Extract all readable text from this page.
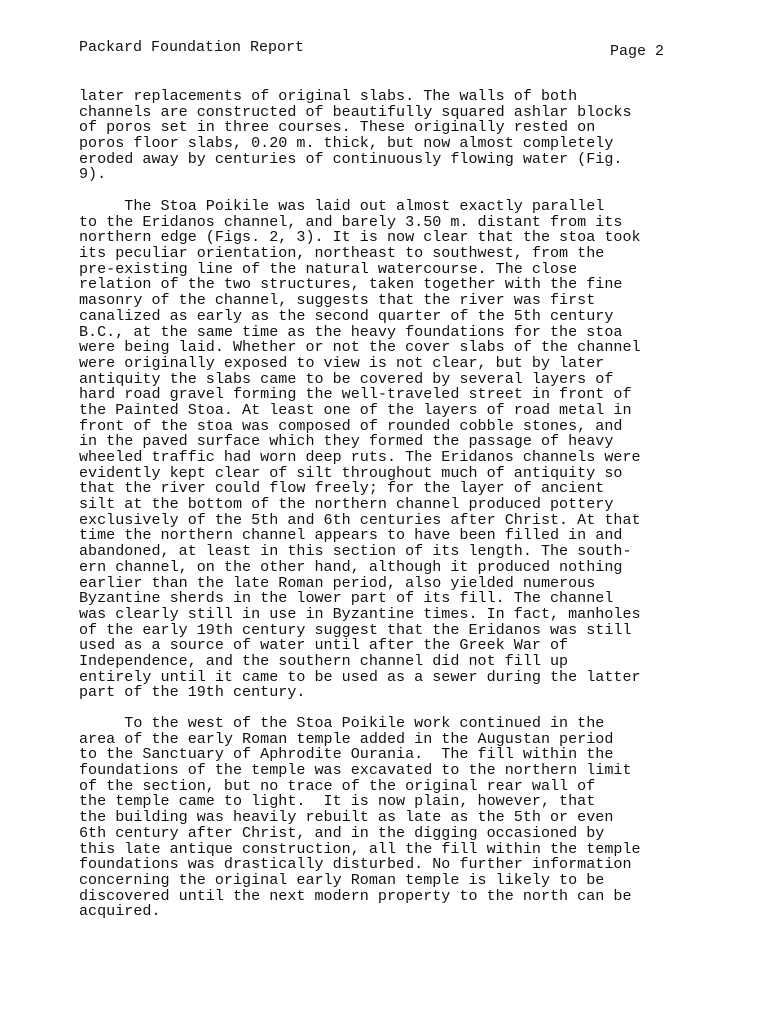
Packard Foundation Report	Page 2
later replacements of original slabs. The walls of both
channels are constructed of beautifully squared ashlar blocks
of poros set in three courses. These originally rested on
poros floor slabs, 0.20 m. thick, but now almost completely
eroded away by centuries of continuously flowing water (Fig.
9).
The Stoa Poikile was laid out almost exactly parallel
to the Eridanos channel, and barely 3.50 m. distant from its
northern edge (Figs. 2, 3). It is now clear that the stoa took
its peculiar orientation, northeast to southwest, from the
pre-existing line of the natural watercourse. The close
relation of the two structures, taken together with the fine
masonry of the channel, suggests that the river was first
canalized as early as the second quarter of the 5th century
B.C., at the same time as the heavy foundations for the stoa
were being laid. Whether or not the cover slabs of the channel
were originally exposed to view is not clear, but by later
antiquity the slabs came to be covered by several layers of
hard road gravel forming the well-traveled street in front of
the Painted Stoa. At least one of the layers of road metal in
front of the stoa was composed of rounded cobble stones, and
in the paved surface which they formed the passage of heavy
wheeled traffic had worn deep ruts. The Eridanos channels were
evidently kept clear of silt throughout much of antiquity so
that the river could flow freely; for the layer of ancient
silt at the bottom of the northern channel produced pottery
exclusively of the 5th and 6th centuries after Christ. At that
time the northern channel appears to have been filled in and
abandoned, at least in this section of its length. The south-
ern channel, on the other hand, although it produced nothing
earlier than the late Roman period, also yielded numerous
Byzantine sherds in the lower part of its fill. The channel
was clearly still in use in Byzantine times. In fact, manholes
of the early 19th century suggest that the Eridanos was still
used as a source of water until after the Greek War of
Independence, and the southern channel did not fill up
entirely until it came to be used as a sewer during the latter
part of the 19th century.
To the west of the Stoa Poikile work continued in the
area of the early Roman temple added in the Augustan period
to the Sanctuary of Aphrodite Ourania.  The fill within the
foundations of the temple was excavated to the northern limit
of the section, but no trace of the original rear wall of
the temple came to light.  It is now plain, however, that
the building was heavily rebuilt as late as the 5th or even
6th century after Christ, and in the digging occasioned by
this late antique construction, all the fill within the temple
foundations was drastically disturbed. No further information
concerning the original early Roman temple is likely to be
discovered until the next modern property to the north can be
acquired.
